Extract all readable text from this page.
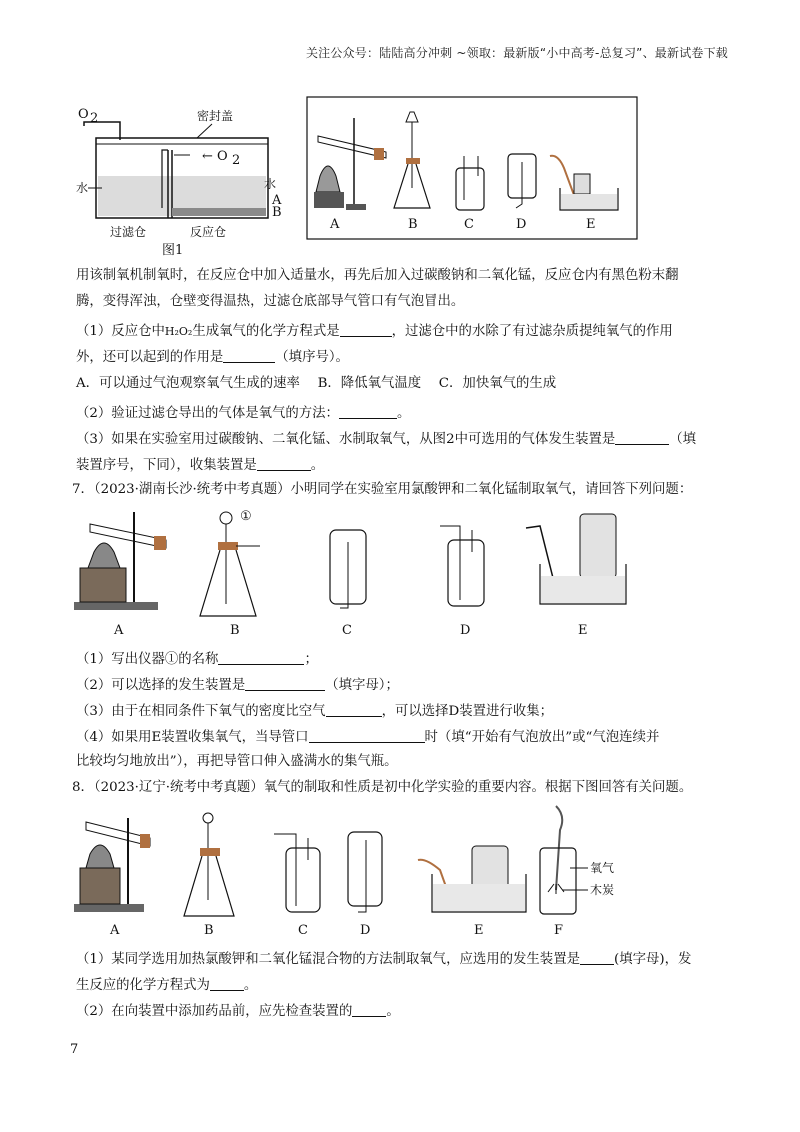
关注公众号：陆陆高分冲刺 ~领取：最新版“小中高考-总复习”、最新试卷下载
O 2	密封盖
← O 2
水	水
A
B
过滤仓	反应仓
图1
A	B	C	D	E
用该制氧机制氧时，在反应仓中加入适量水，再先后加入过碳酸钠和二氧化锰，反应仓内有黑色粉末翻
腾，变得浑浊，仓壁变得温热，过滤仓底部导气管口有气泡冒出。
（1）反应仓中H₂O₂生成氧气的化学方程式是	，过滤仓中的水除了有过滤杂质提纯氧气的作用
外，还可以起到的作用是	（填序号）。
A．可以通过气泡观察氧气生成的速率　 B．降低氧气温度　 C．加快氧气的生成
（2）验证过滤仓导出的气体是氧气的方法：	。
（3）如果在实验室用过碳酸钠、二氧化锰、水制取氧气，从图2中可选用的气体发生装置是	（填
装置序号，下同），收集装置是	。
7．（2023·湖南长沙·统考中考真题）小明同学在实验室用氯酸钾和二氧化锰制取氧气，请回答下列问题：
A
①
B	C	D	E
（1）写出仪器①的名称	；
（2）可以选择的发生装置是	（填字母）；
（3）由于在相同条件下氧气的密度比空气	，可以选择D装置进行收集；
（4）如果用E装置收集氧气，当导管口	时（填“开始有气泡放出”或“气泡连续并
比较均匀地放出”），再把导管口伸入盛满水的集气瓶。
8．（2023·辽宁·统考中考真题）氧气的制取和性质是初中化学实验的重要内容。根据下图回答有关问题。
A	B	C	D	E
氧气
木炭
F
（1）某同学选用加热氯酸钾和二氧化锰混合物的方法制取氧气，应选用的发生装置是	(填字母)，发
生反应的化学方程式为	。
（2）在向装置中添加药品前，应先检查装置的	。
7
